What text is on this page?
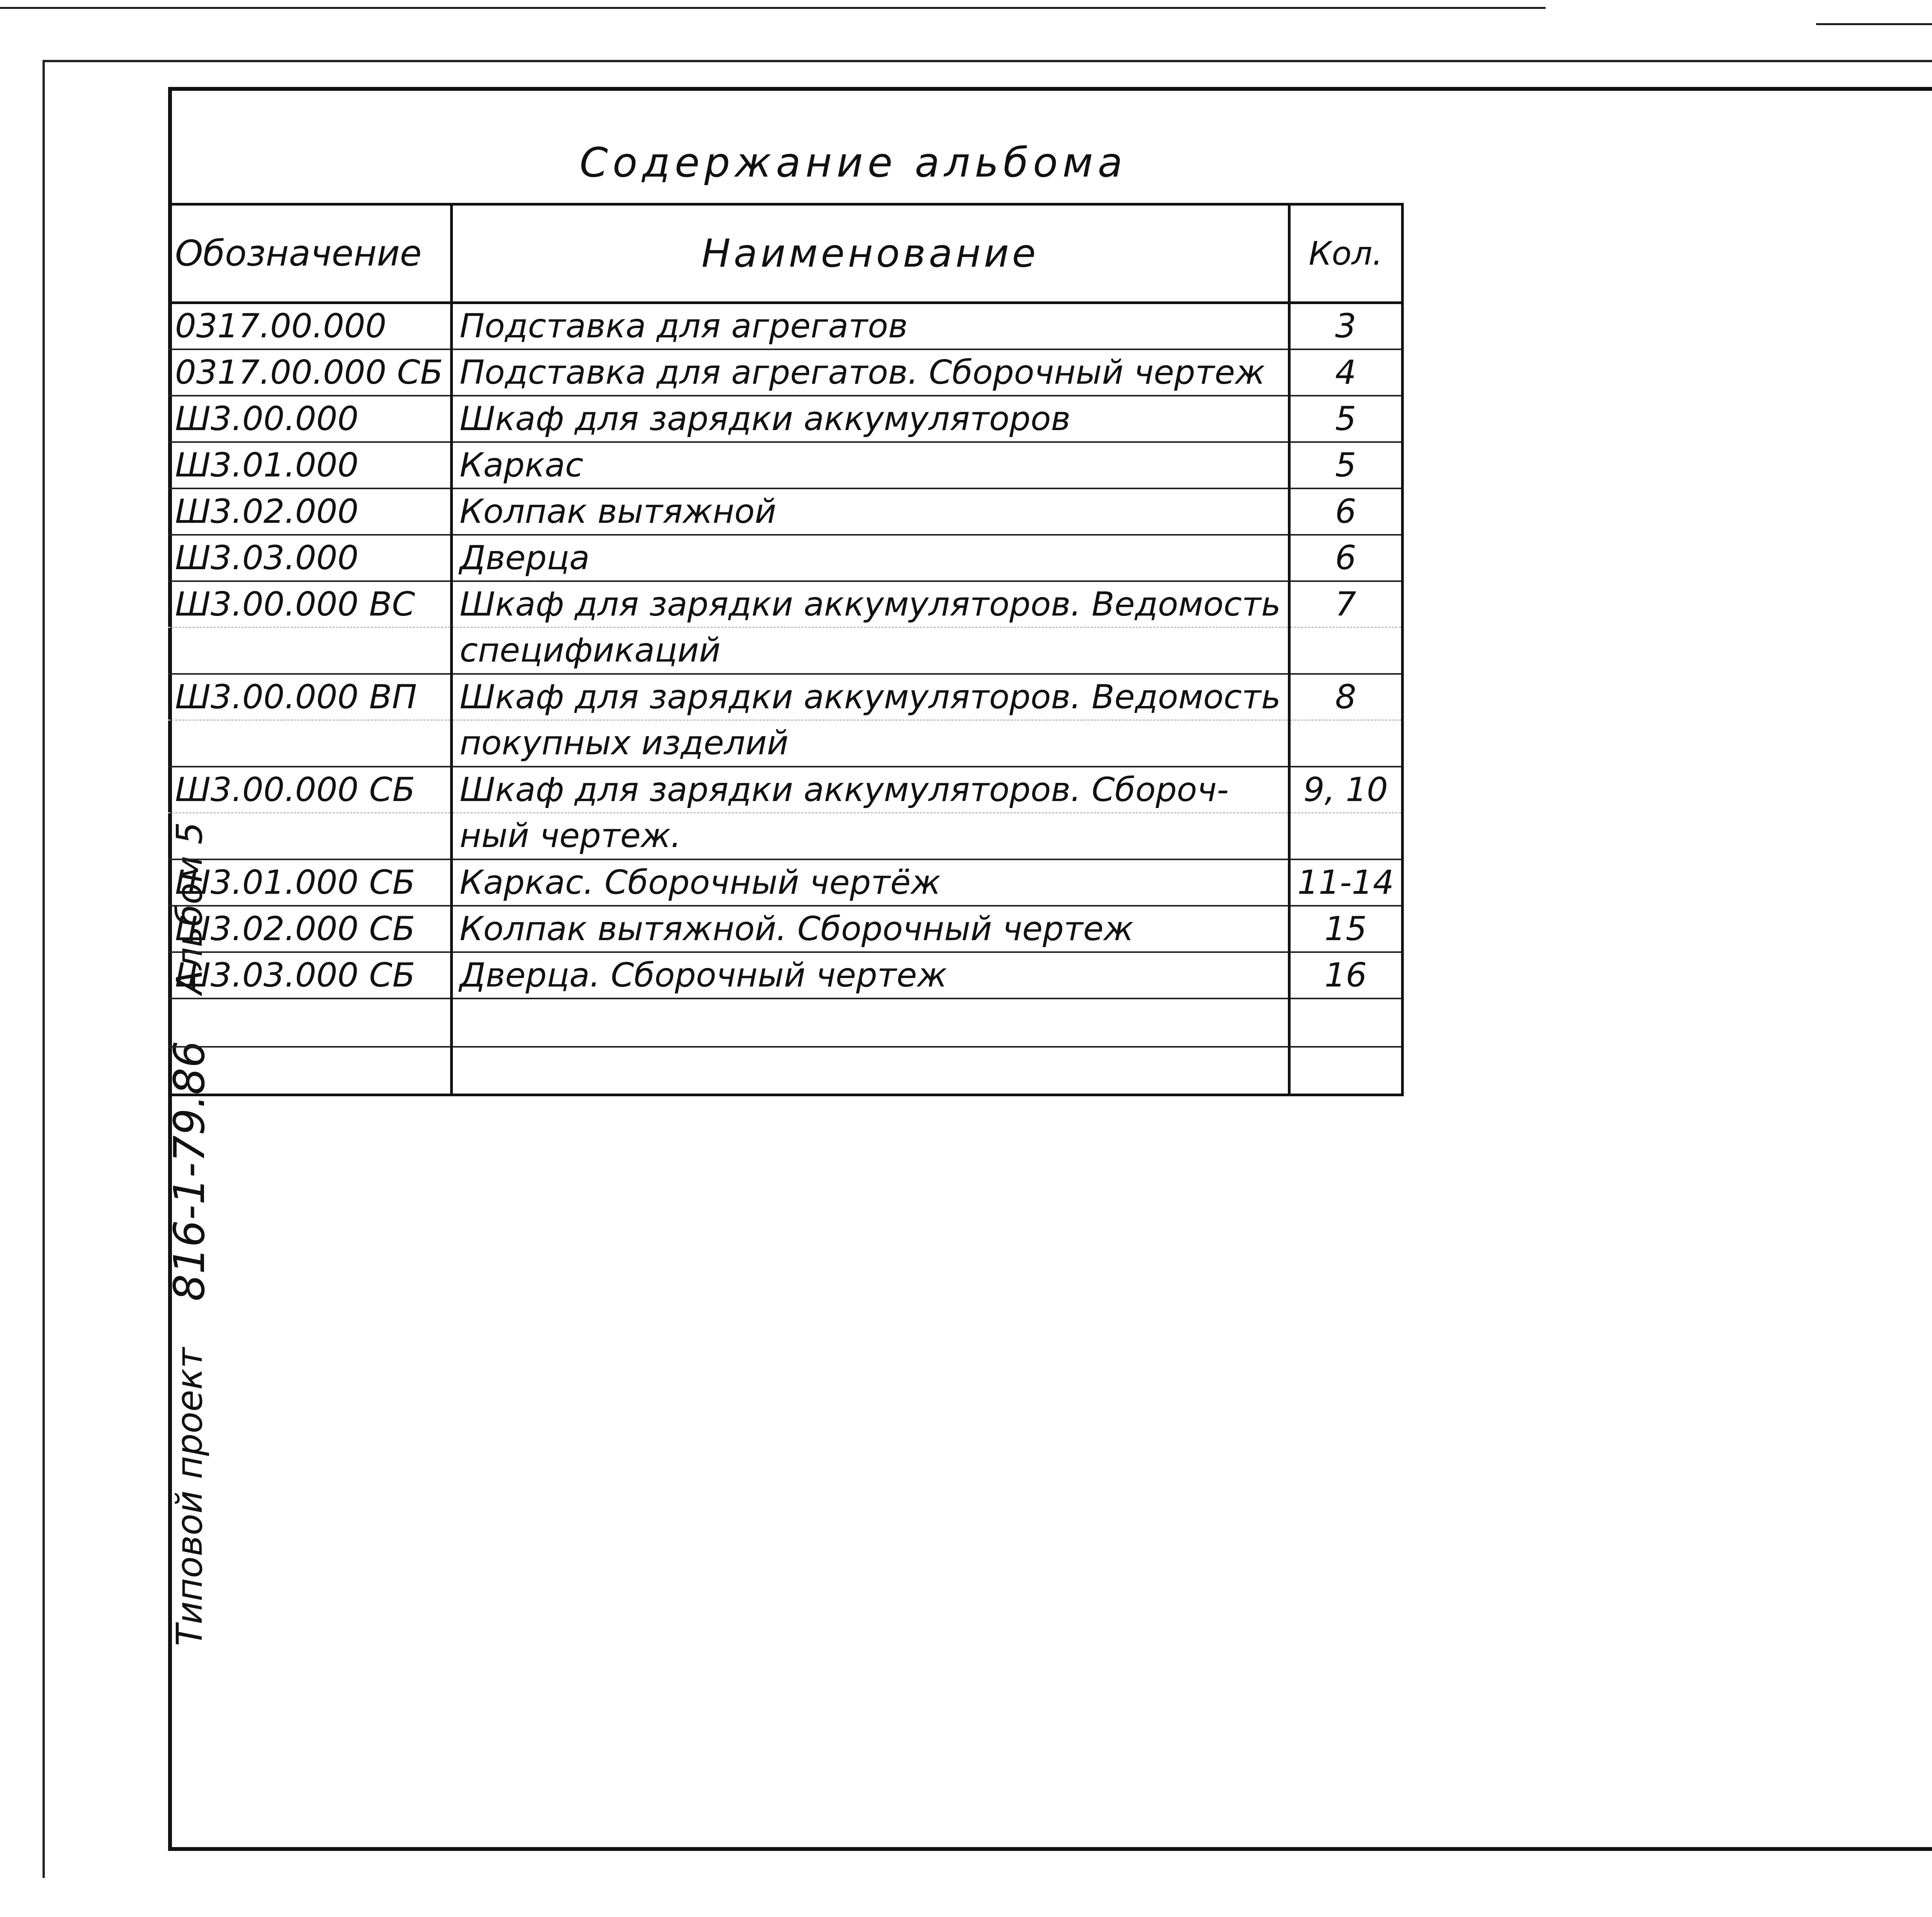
Типовой проект
816-1-79.86
Альбом 5
Содержание альбома
Обозначение	Наименование	Кол.
0317.00.000	Подставка для агрегатов	3
0317.00.000 СБ	Подставка для агрегатов. Сборочный чертеж	4
Ш3.00.000	Шкаф для зарядки аккумуляторов	5
Ш3.01.000	Каркас	5
Ш3.02.000	Колпак вытяжной	6
Ш3.03.000	Дверца	6
Ш3.00.000 ВС	Шкаф для зарядки аккумуляторов. Ведомость	7
	спецификаций	
Ш3.00.000 ВП	Шкаф для зарядки аккумуляторов. Ведомость	8
	покупных изделий	
Ш3.00.000 СБ	Шкаф для зарядки аккумуляторов. Сбороч-	9, 10
	ный чертеж.	
Ш3.01.000 СБ	Каркас. Сборочный чертёж	11-14
Ш3.02.000 СБ	Колпак вытяжной. Сборочный чертеж	15
Ш3.03.000 СБ	Дверца. Сборочный чертеж	16
